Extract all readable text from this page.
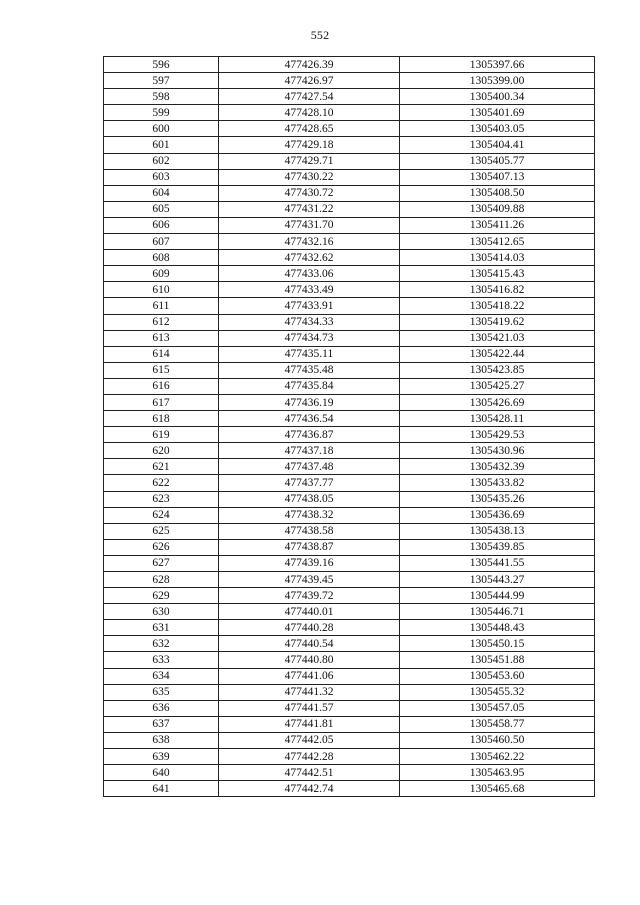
552
596	477426.39	1305397.66
597	477426.97	1305399.00
598	477427.54	1305400.34
599	477428.10	1305401.69
600	477428.65	1305403.05
601	477429.18	1305404.41
602	477429.71	1305405.77
603	477430.22	1305407.13
604	477430.72	1305408.50
605	477431.22	1305409.88
606	477431.70	1305411.26
607	477432.16	1305412.65
608	477432.62	1305414.03
609	477433.06	1305415.43
610	477433.49	1305416.82
611	477433.91	1305418.22
612	477434.33	1305419.62
613	477434.73	1305421.03
614	477435.11	1305422.44
615	477435.48	1305423.85
616	477435.84	1305425.27
617	477436.19	1305426.69
618	477436.54	1305428.11
619	477436.87	1305429.53
620	477437.18	1305430.96
621	477437.48	1305432.39
622	477437.77	1305433.82
623	477438.05	1305435.26
624	477438.32	1305436.69
625	477438.58	1305438.13
626	477438.87	1305439.85
627	477439.16	1305441.55
628	477439.45	1305443.27
629	477439.72	1305444.99
630	477440.01	1305446.71
631	477440.28	1305448.43
632	477440.54	1305450.15
633	477440.80	1305451.88
634	477441.06	1305453.60
635	477441.32	1305455.32
636	477441.57	1305457.05
637	477441.81	1305458.77
638	477442.05	1305460.50
639	477442.28	1305462.22
640	477442.51	1305463.95
641	477442.74	1305465.68
